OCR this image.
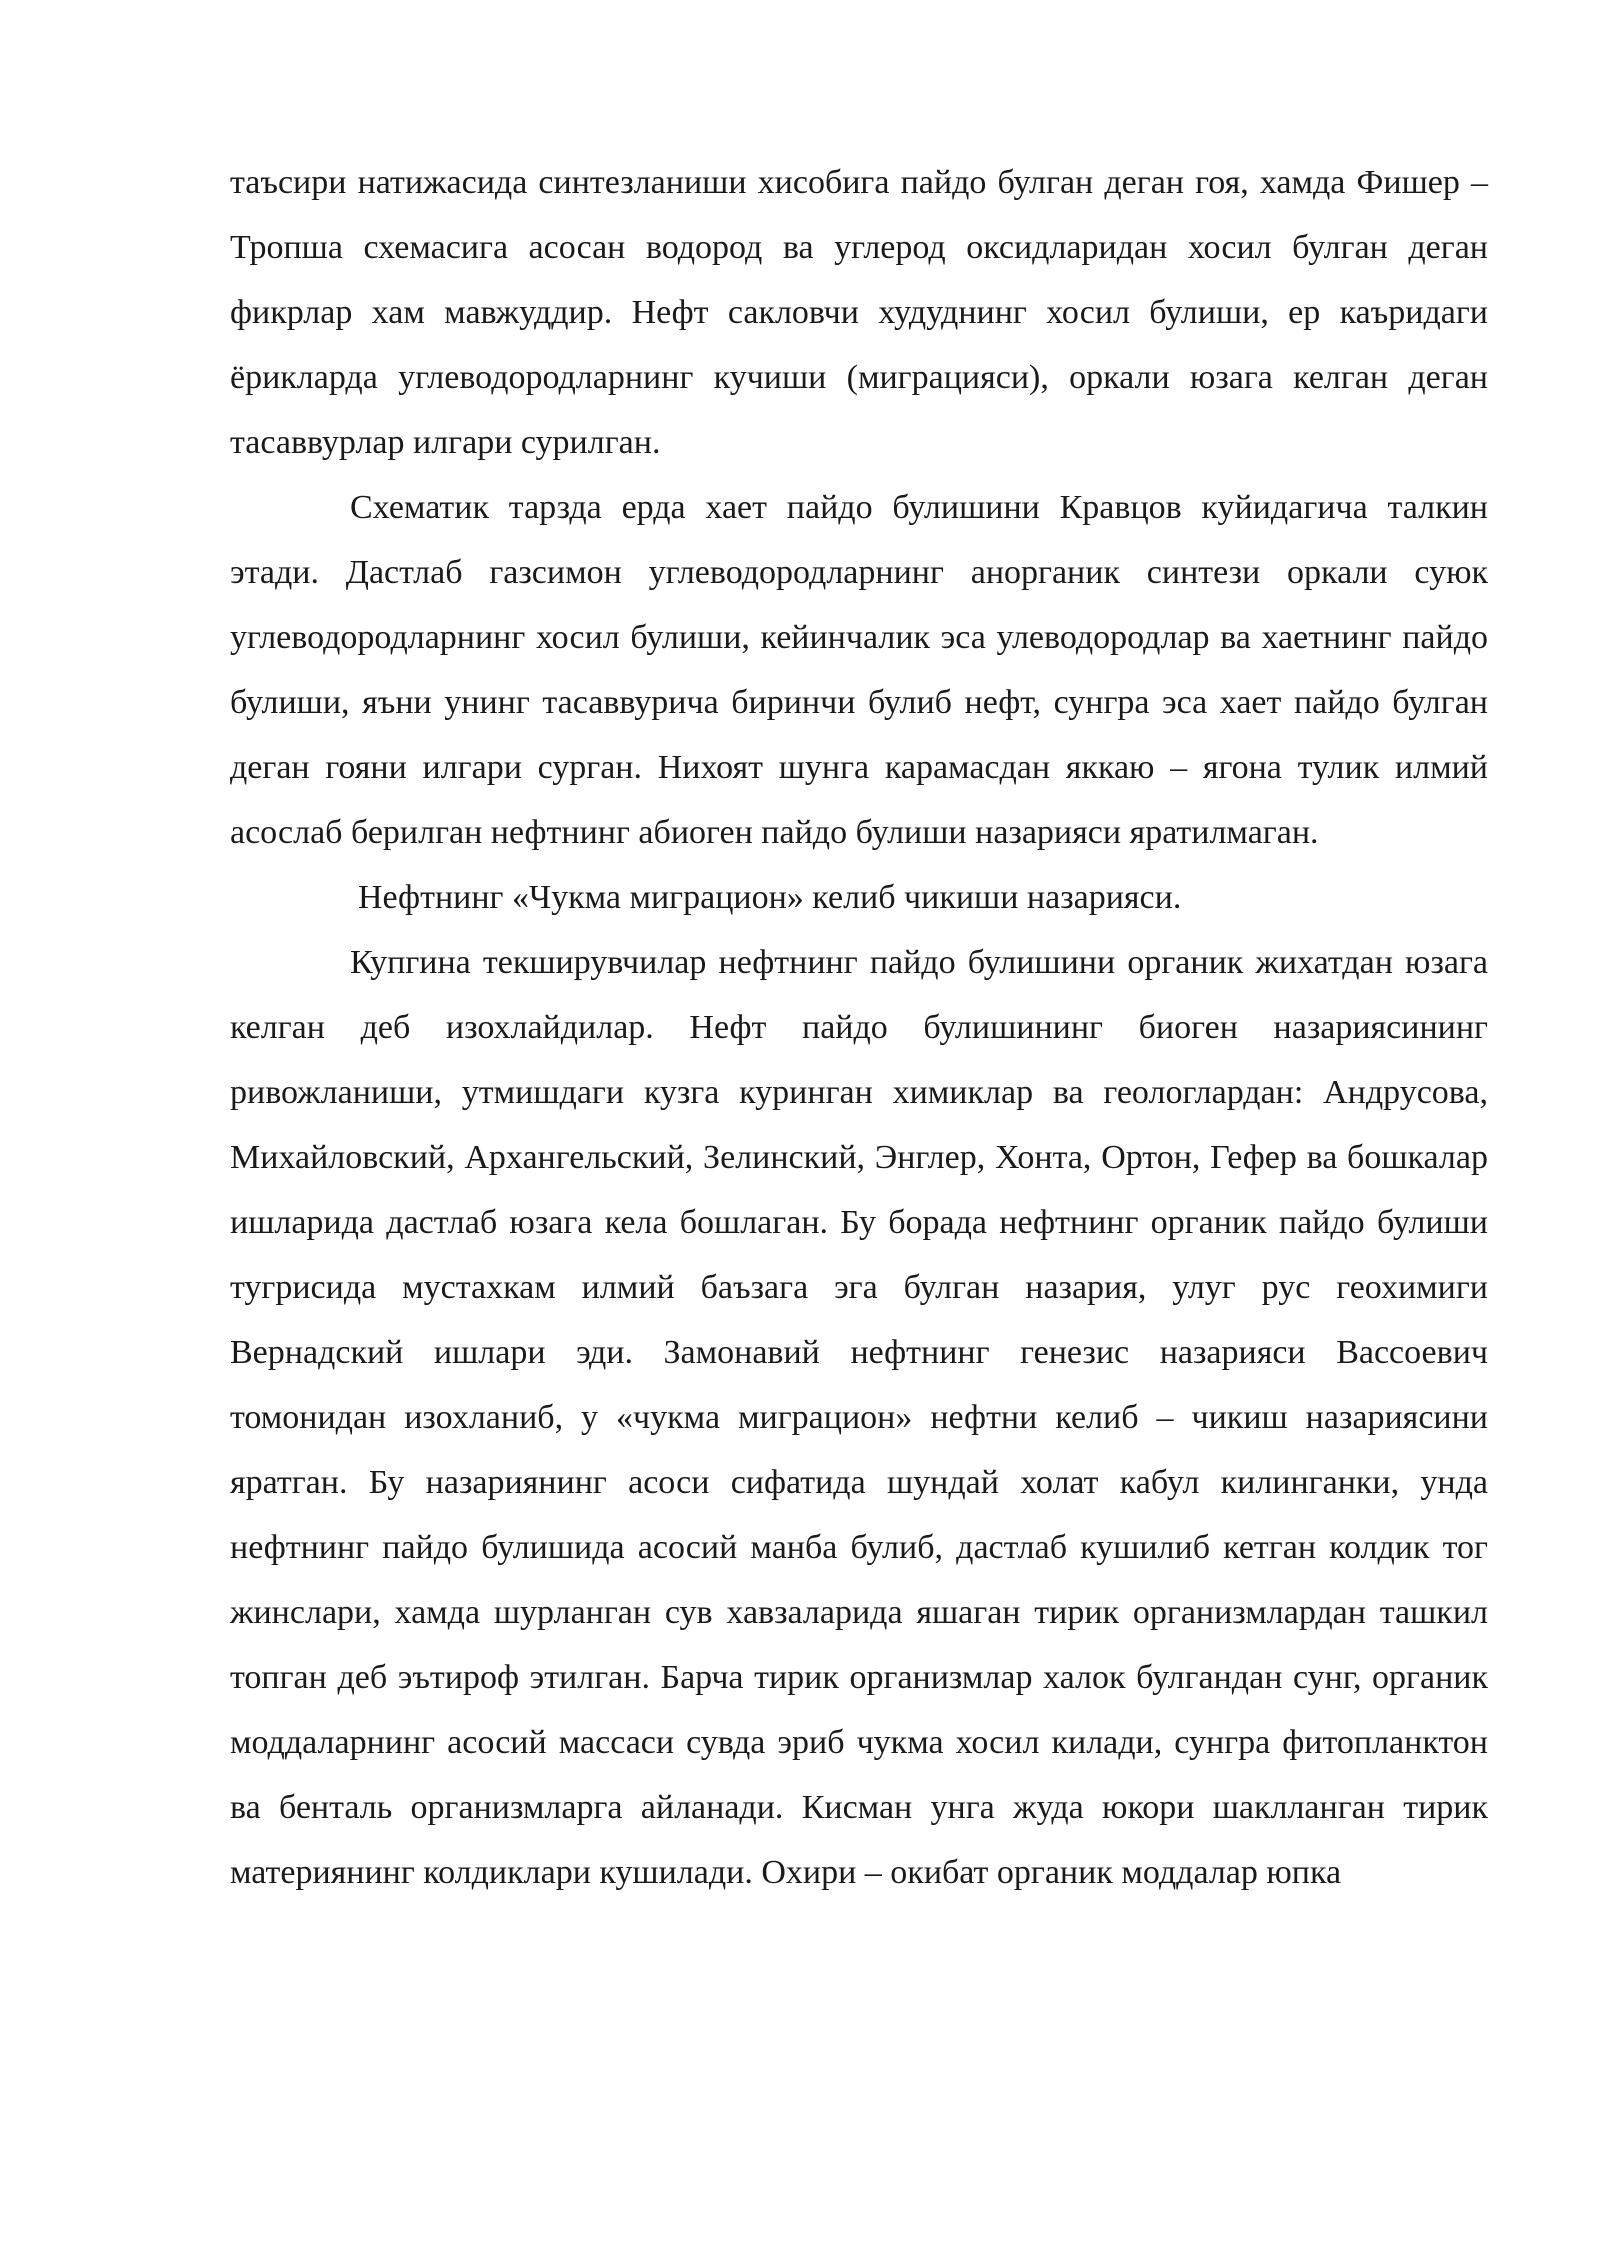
таъсири натижасида синтезланиши хисобига пайдо булган деган гоя, хамда Фишер – Тропша схемасига асосан водород ва углерод оксидларидан хосил булган деган фикрлар хам мавжуддир. Нефт сакловчи худуднинг хосил булиши, ер каъридаги ёрикларда углеводородларнинг кучиши (миграцияси), оркали юзага келган деган тасаввурлар илгари сурилган.

Схематик тарзда ерда хает пайдо булишини Кравцов куйидагича талкин этади. Дастлаб газсимон углеводородларнинг анорганик синтези оркали суюк углеводородларнинг хосил булиши, кейинчалик эса улеводородлар ва хаетнинг пайдо булиши, яъни унинг тасаввурича биринчи булиб нефт, сунгра эса хает пайдо булган деган гояни илгари сурган. Нихоят шунга карамасдан яккаю – ягона тулик илмий асослаб берилган нефтнинг абиоген пайдо булиши назарияси яратилмаган.

Нефтнинг «Чукма миграцион» келиб чикиши назарияси.

Купгина текширувчилар нефтнинг пайдо булишини органик жихатдан юзага келган деб изохлайдилар. Нефт пайдо булишининг биоген назариясининг ривожланиши, утмишдаги кузга куринган химиклар ва геологлардан: Андрусова, Михайловский, Архангельский, Зелинский, Энглер, Хонта, Ортон, Гефер ва бошкалар ишларида дастлаб юзага кела бошлаган. Бу борада нефтнинг органик пайдо булиши тугрисида мустахкам илмий баъзага эга булган назария, улуг рус геохимиги Вернадский ишлари эди. Замонавий нефтнинг генезис назарияси Вассоевич томонидан изохланиб, у «чукма миграцион» нефтни келиб – чикиш назариясини яратган. Бу назариянинг асоси сифатида шундай холат кабул килинганки, унда нефтнинг пайдо булишида асосий манба булиб, дастлаб кушилиб кетган колдик тог жинслари, хамда шурланган сув хавзаларида яшаган тирик организмлардан ташкил топган деб эътироф этилган. Барча тирик организмлар халок булгандан сунг, органик моддаларнинг асосий массаси сувда эриб чукма хосил килади, сунгра фитопланктон ва бенталь организмларга айланади. Кисман унга жуда юкори шаклланган тирик материянинг колдиклари кушилади. Охири – окибат органик моддалар юпка
